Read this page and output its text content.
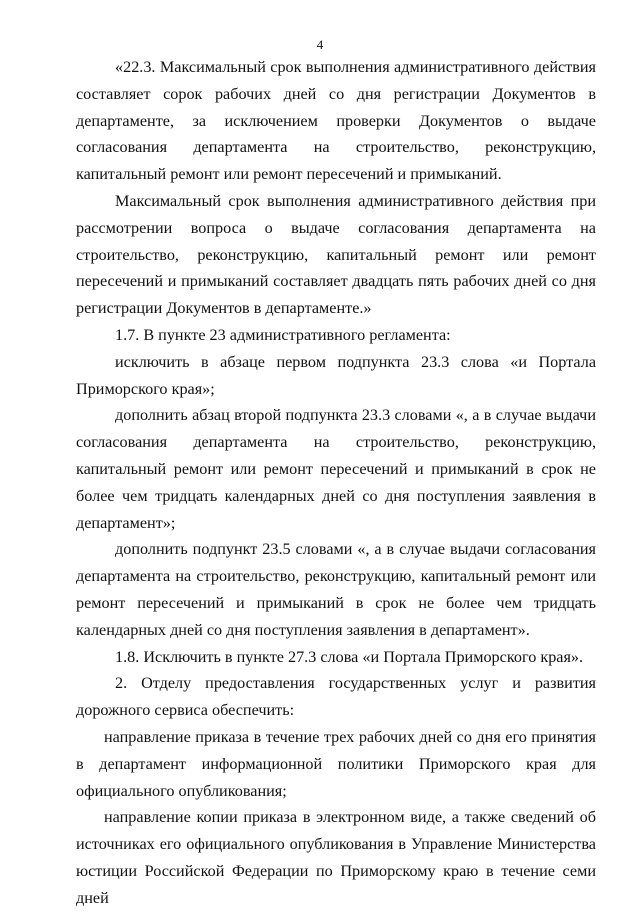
4

«22.3. Максимальный срок выполнения административного действия составляет сорок рабочих дней со дня регистрации Документов в департаменте, за исключением проверки Документов о выдаче согласования департамента на строительство, реконструкцию, капитальный ремонт или ремонт пересечений и примыканий.

Максимальный срок выполнения административного действия при рассмотрении вопроса о выдаче согласования департамента на строительство, реконструкцию, капитальный ремонт или ремонт пересечений и примыканий составляет двадцать пять рабочих дней со дня регистрации Документов в департаменте.»

1.7. В пункте 23 административного регламента:

исключить в абзаце первом подпункта 23.3 слова «и Портала Приморского края»;

дополнить абзац второй подпункта 23.3 словами «, а в случае выдачи согласования департамента на строительство, реконструкцию, капитальный ремонт или ремонт пересечений и примыканий в срок не более чем тридцать календарных дней со дня поступления заявления в департамент»;

дополнить подпункт 23.5 словами «, а в случае выдачи согласования департамента на строительство, реконструкцию, капитальный ремонт или ремонт пересечений и примыканий в срок не более чем тридцать календарных дней со дня поступления заявления в департамент».

1.8. Исключить в пункте 27.3 слова «и Портала Приморского края».

2. Отделу предоставления государственных услуг и развития дорожного сервиса обеспечить:

направление приказа в течение трех рабочих дней со дня его принятия в департамент информационной политики Приморского края для официального опубликования;

направление копии приказа в электронном виде, а также сведений об источниках его официального опубликования в Управление Министерства юстиции Российской Федерации по Приморскому краю в течение семи дней
